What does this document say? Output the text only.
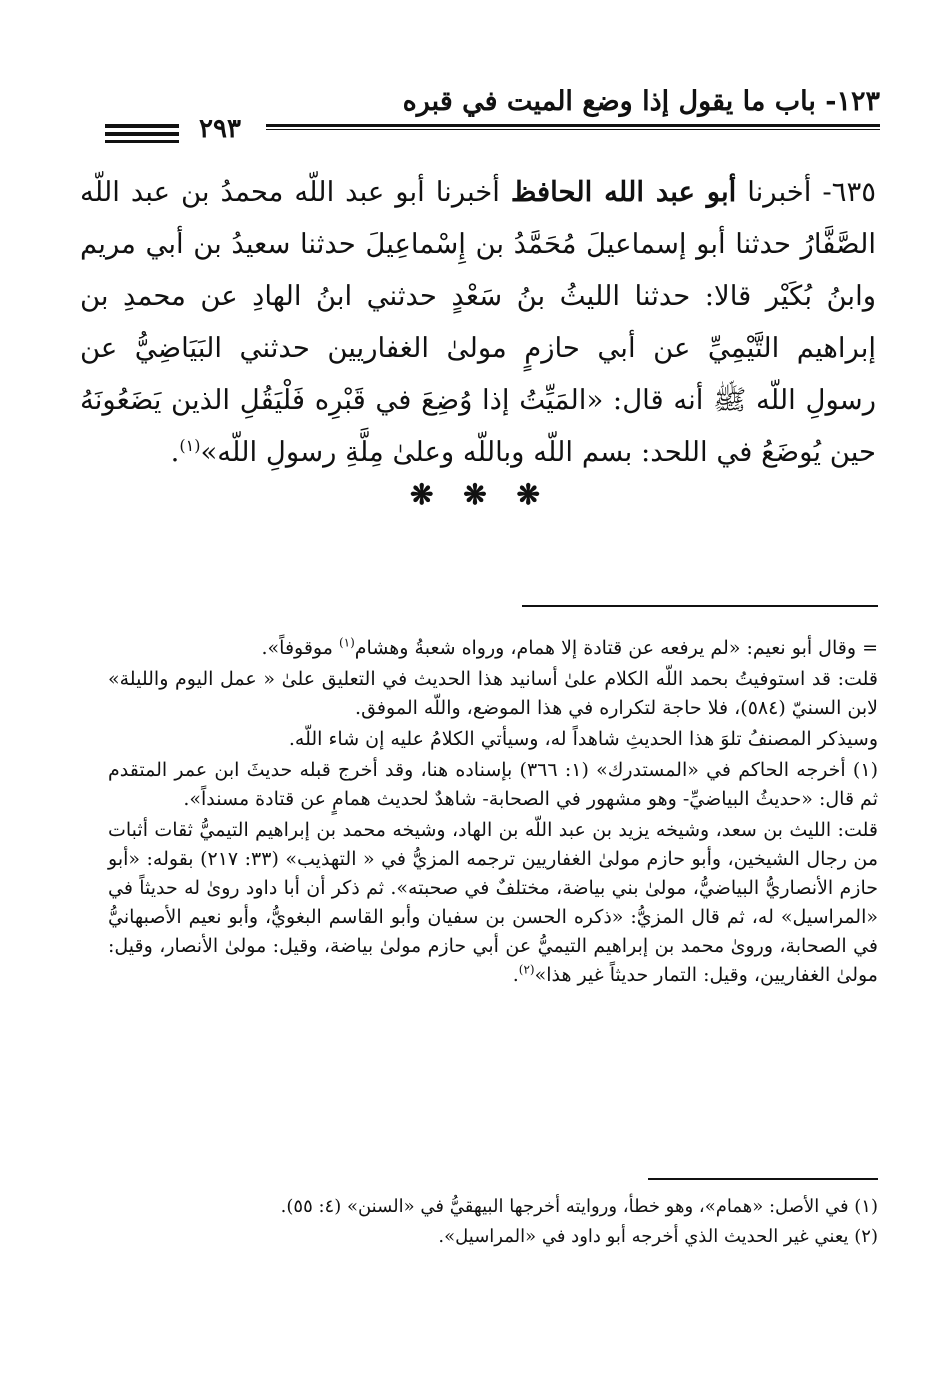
١٢٣- باب ما يقول إذا وضع الميت في قبره
٢٩٣
٦٣٥- أخبرنا أبو عبد الله الحافظ أخبرنا أبو عبد اللّه محمدُ بن عبد اللّه الصَّفَّارُ حدثنا أبو إسماعيلَ مُحَمَّدُ بن إِسْماعِيلَ حدثنا سعيدُ بن أبي مريم وابنُ بُكَيْر قالا: حدثنا الليثُ بنُ سَعْدٍ حدثني ابنُ الهادِ عن محمدِ بن إبراهيم التَّيْمِيِّ عن أبي حازمٍ مولىٰ الغفاريين حدثني البَيَاضِيُّ عن رسولِ اللّه ﷺ أنه قال: «المَيِّتُ إذا وُضِعَ في قَبْرِه فَلْيَقُلِ الذين يَضَعُونَهُ حين يُوضَعُ في اللحد: بسم اللّه وباللّه وعلىٰ مِلَّةِ رسولِ اللّه»$^{(١)}$.
❋ ❋ ❋

= وقال أبو نعيم: «لم يرفعه عن قتادة إلا همام، ورواه شعبةُ وهشام$^{(١)}$ موقوفاً».

قلت: قد استوفيتُ بحمد اللّه الكلام علىٰ أسانيد هذا الحديث في التعليق علىٰ « عمل اليوم والليلة» لابن السنيّ (٥٨٤)، فلا حاجة لتكراره في هذا الموضع، واللّه الموفق.

وسيذكر المصنفُ تلوَ هذا الحديثِ شاهداً له، وسيأتي الكلامُ عليه إن شاء اللّه.

(١) أخرجه الحاكم في «المستدرك» (١: ٣٦٦) بإسناده هنا، وقد أخرج قبله حديثَ ابن عمر المتقدم ثم قال: «حديثُ البياضيِّ- وهو مشهور في الصحابة- شاهدٌ لحديث همامٍ عن قتادة مسنداً».

قلت: الليث بن سعد، وشيخه يزيد بن عبد اللّه بن الهاد، وشيخه محمد بن إبراهيم التيميُّ ثقات أثبات من رجال الشيخين، وأبو حازم مولىٰ الغفاريين ترجمه المزيُّ في « التهذيب» (٣٣: ٢١٧) بقوله: «أبو حازم الأنصاريُّ البياضيُّ، مولىٰ بني بياضة، مختلفٌ في صحبته». ثم ذكر أن أبا داود روىٰ له حديثاً في «المراسيل» له، ثم قال المزيُّ: «ذكره الحسن بن سفيان وأبو القاسم البغويُّ، وأبو نعيم الأصبهانيُّ في الصحابة، وروىٰ محمد بن إبراهيم التيميُّ عن أبي حازم مولىٰ بياضة، وقيل: مولىٰ الأنصار، وقيل: مولىٰ الغفاريين، وقيل: التمار حديثاً غير هذا»$^{(٢)}$.

(١) في الأصل: «همام»، وهو خطأ، وروايته أخرجها البيهقيُّ في «السنن» (٤: ٥٥).

(٢) يعني غير الحديث الذي أخرجه أبو داود في «المراسيل».
